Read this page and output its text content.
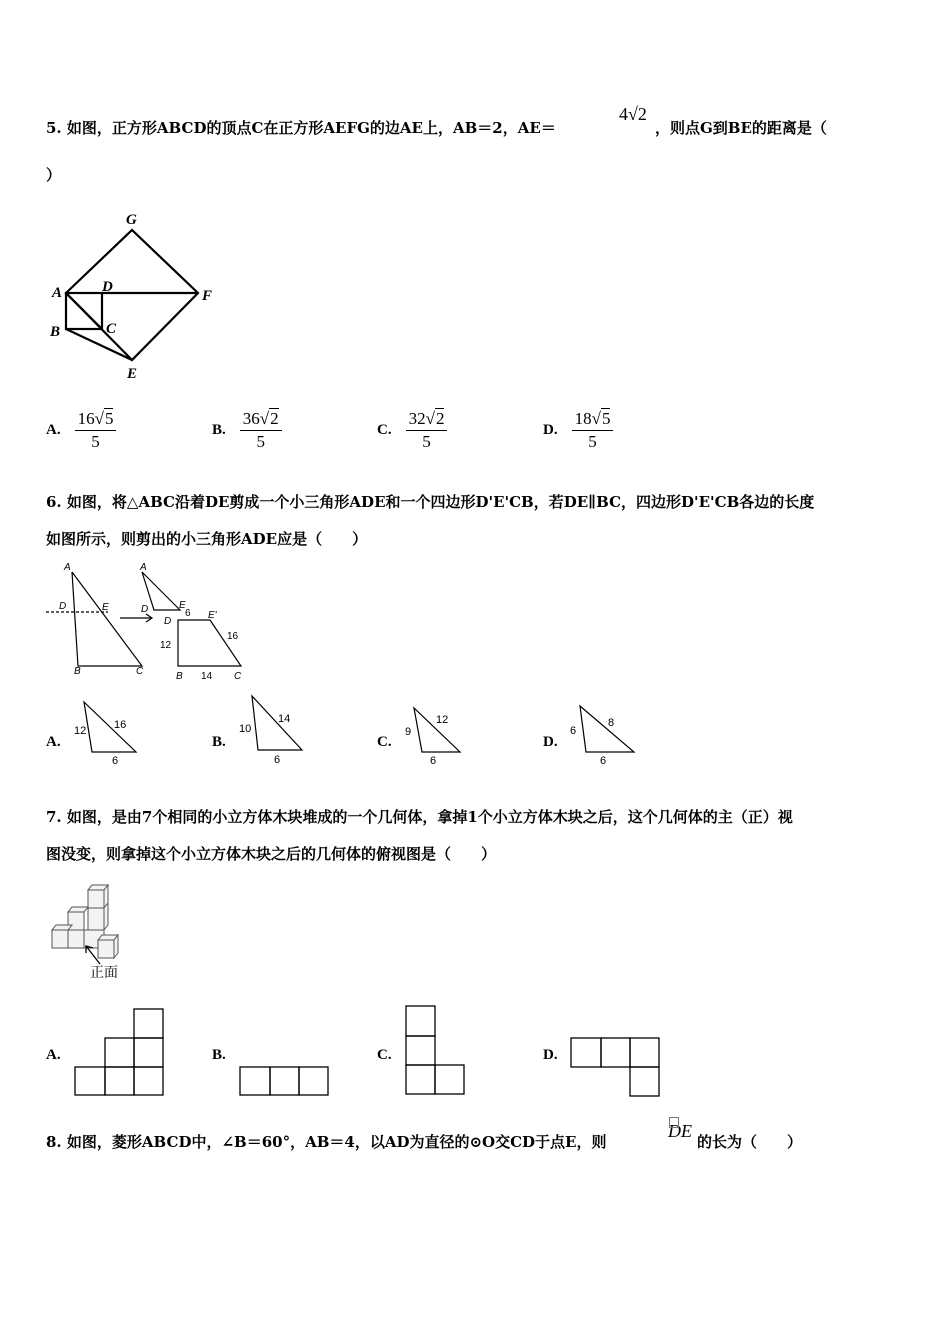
5. 如图，正方形ABCD的顶点C在正方形AEFG的边AE上，AB＝2，AE＝
4√2
，则点G到BE的距离是（
）
G
A	D
F
B	C
E
A. $\frac{16√5}{5}$	B. $\frac{36√2}{5}$	C. $\frac{32√2}{5}$	D. $\frac{18√5}{5}$
6. 如图，将△ABC沿着DE剪成一个小三角形ADE和一个四边形D'E'CB，若DE∥BC，四边形D'E'CB各边的长度
如图所示，则剪出的小三角形ADE应是（　　）
A
D	E
B	C
A
D	E
D
E'
6
12
16
14
B	C
A.
12	16
6
B.
10
14
6
C.
9
12
6
D.
6
8
6
7. 如图，是由7个相同的小立方体木块堆成的一个几何体，拿掉1个小立方体木块之后，这个几何体的主（正）视
图没变，则拿掉这个小立方体木块之后的几何体的俯视图是（　　）
正面
A.	B.	C.	D.
8. 如图，菱形ABCD中，∠B＝60°，AB＝4，以AD为直径的⊙O交CD于点E，则
DE
的长为（　　）
